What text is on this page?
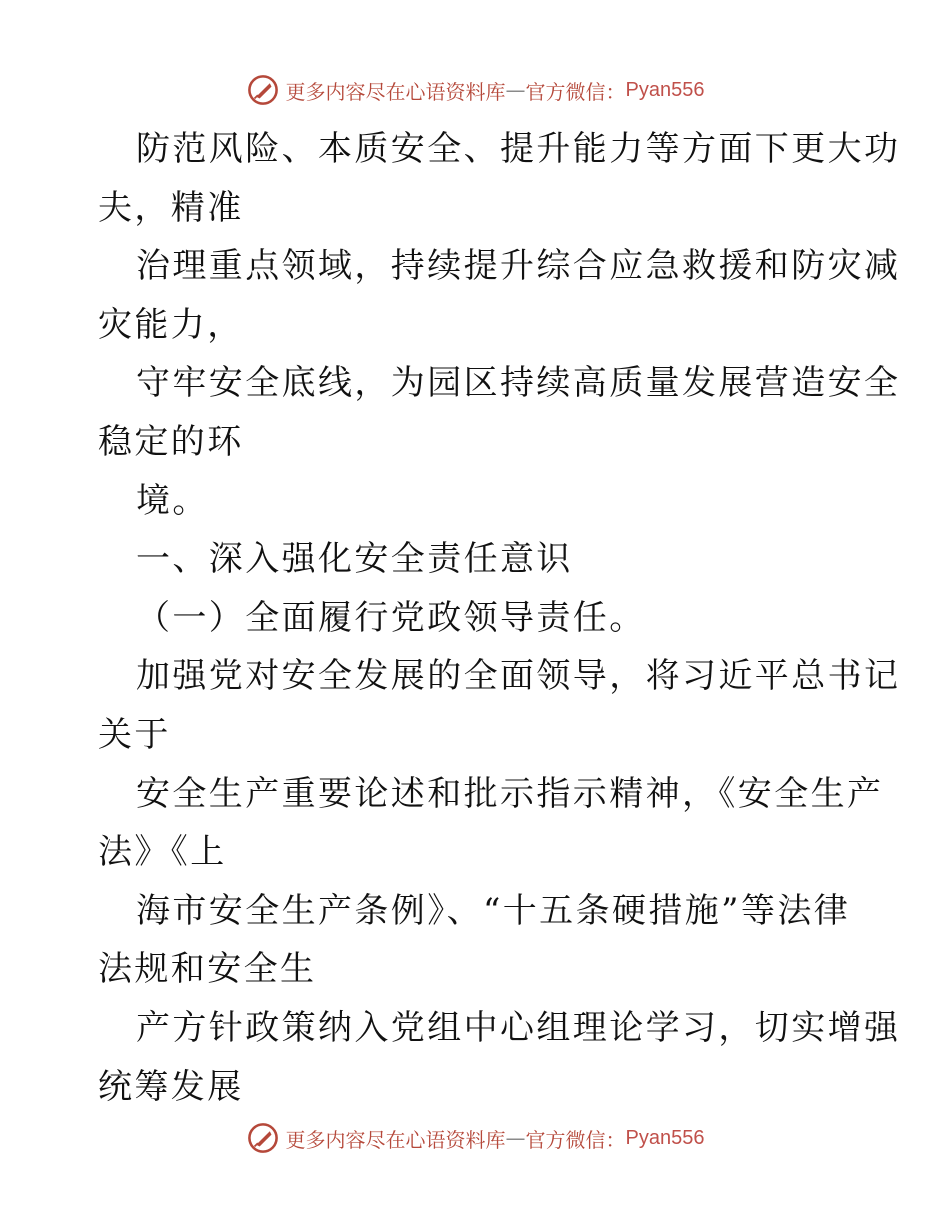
更多内容尽在心语资料库 — 官方微信： Pyan556
防范风险、本质安全、提升能力等方面下更大功
夫，精准
治理重点领域，持续提升综合应急救援和防灾减
灾能力，
守牢安全底线，为园区持续高质量发展营造安全
稳定的环
境。
一、深入强化安全责任意识
（一）全面履行党政领导责任。
加强党对安全发展的全面领导，将习近平总书记
关于
安全生产重要论述和批示指示精神，《安全生产
法》《上
海市安全生产条例》、“十五条硬措施”等法律
法规和安全生
产方针政策纳入党组中心组理论学习，切实增强
统筹发展
更多内容尽在心语资料库 — 官方微信： Pyan556
